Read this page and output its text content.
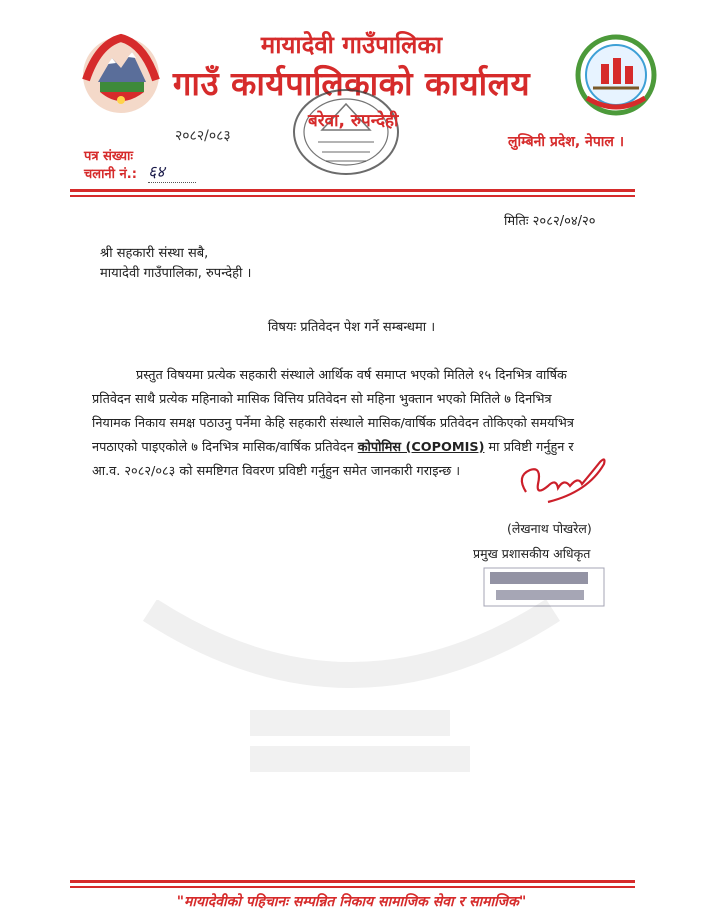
मायादेवी गाउँपालिका
गाउँ कार्यपालिकाको कार्यालय
बरेवा, रुपन्देही
लुम्बिनी प्रदेश, नेपाल ।
२०८२/०८३
पत्र संख्याः
चलानी नं.: ६४
मितिः २०८२/०४/२०
श्री सहकारी संस्था सबै,
मायादेवी गाउँपालिका, रुपन्देही ।
विषयः प्रतिवेदन पेश गर्ने सम्बन्धमा ।
प्रस्तुत विषयमा प्रत्येक सहकारी संस्थाले आर्थिक वर्ष समाप्त भएको मितिले १५ दिनभित्र वार्षिक
प्रतिवेदन साथै प्रत्येक महिनाको मासिक वित्तिय प्रतिवेदन सो महिना भुक्तान भएको मितिले ७ दिनभित्र
नियामक निकाय समक्ष पठाउनु पर्नेमा केहि सहकारी संस्थाले मासिक/वार्षिक प्रतिवेदन तोकिएको समयभित्र
नपठाएको पाइएकोले ७ दिनभित्र मासिक/वार्षिक प्रतिवेदन कोपोमिस (COPOMIS) मा प्रविष्टी गर्नुहुन र
आ.व. २०८२/०८३ को समष्टिगत विवरण प्रविष्टी गर्नुहुन समेत जानकारी गराइन्छ ।
(लेखनाथ पोखरेल)
प्रमुख प्रशासकीय अधिकृत
"मायादेवीको पहिचानः सम्पन्नित निकाय सामाजिक सेवा र सामाजिक"
